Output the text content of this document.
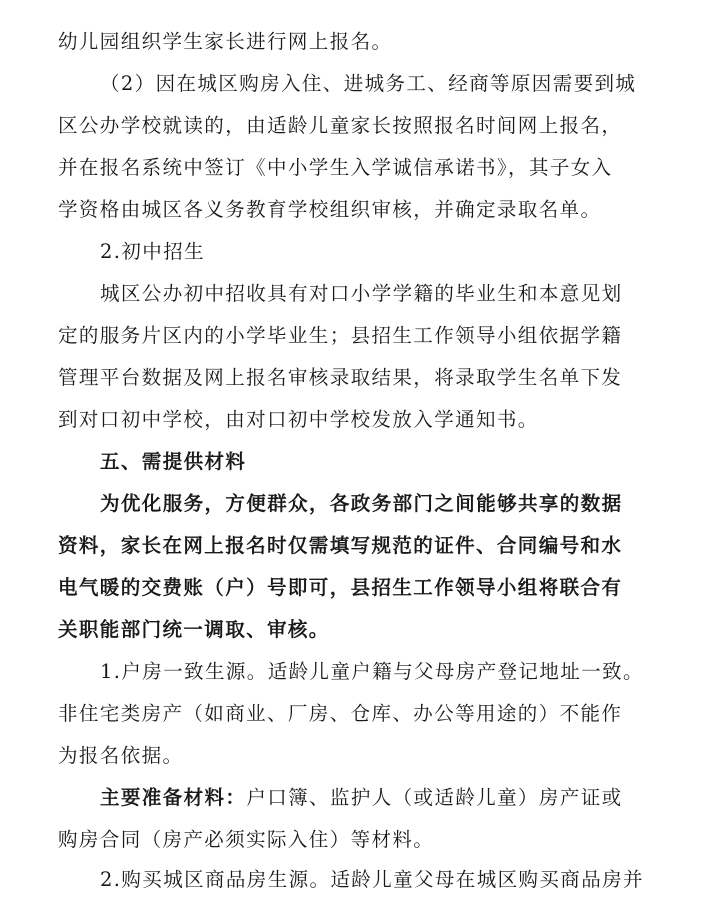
幼儿园组织学生家长进行网上报名。
（2）因在城区购房入住、进城务工、经商等原因需要到城
区公办学校就读的，由适龄儿童家长按照报名时间网上报名，
并在报名系统中签订《中小学生入学诚信承诺书》，其子女入
学资格由城区各义务教育学校组织审核，并确定录取名单。
2.初中招生
城区公办初中招收具有对口小学学籍的毕业生和本意见划
定的服务片区内的小学毕业生；县招生工作领导小组依据学籍
管理平台数据及网上报名审核录取结果，将录取学生名单下发
到对口初中学校，由对口初中学校发放入学通知书。
五、需提供材料
为优化服务，方便群众，各政务部门之间能够共享的数据
资料，家长在网上报名时仅需填写规范的证件、合同编号和水
电气暖的交费账（户）号即可，县招生工作领导小组将联合有
关职能部门统一调取、审核。
1.户房一致生源。适龄儿童户籍与父母房产登记地址一致。
非住宅类房产（如商业、厂房、仓库、办公等用途的）不能作
为报名依据。
主要准备材料：户口簿、监护人（或适龄儿童）房产证或
购房合同（房产必须实际入住）等材料。
2.购买城区商品房生源。适龄儿童父母在城区购买商品房并
